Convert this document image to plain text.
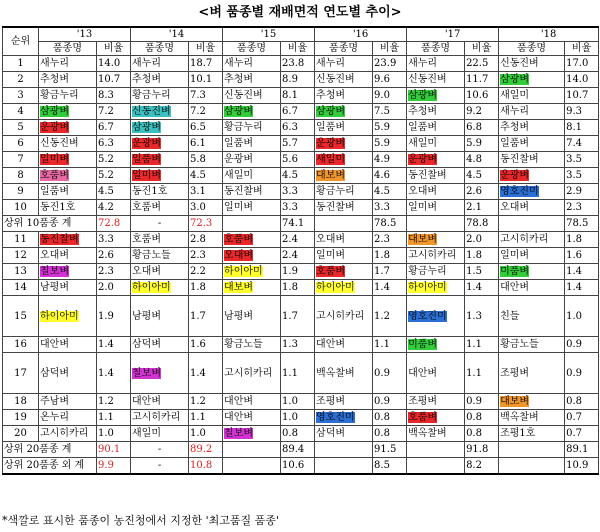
<벼 품종별 재배면적 연도별 추이>
순위	'13		'14		'15		'16		'17		'18	
	품종명	비율	품종명	비율	품종명	비율	품종명	비율	품종명	비율	품종명	비율
1	새누리	14.0	새누리	18.7	새누리	23.8	새누리	23.9	새누리	22.5	신동진벼	17.0
2	추청벼	10.7	추청벼	10.1	추청벼	8.9	신동진벼	9.6	신동진벼	11.7	삼광벼	14.0
3	황금누리	8.3	황금누리	7.3	신동진벼	8.1	추청벼	9.0	삼광벼	10.6	새일미	10.7
4	삼광벼	7.2	신동진벼	7.2	삼광벼	6.7	삼광벼	7.5	추청벼	9.2	새누리	9.3
5	운광벼	6.7	삼광벼	6.5	황금누리	6.3	일품벼	5.9	일품벼	6.8	추청벼	8.1
6	신동진벼	6.3	운광벼	6.1	일품벼	5.7	운광벼	5.9	새일미	5.9	일품벼	7.4
7	일미벼	5.2	일품벼	5.8	운광벼	5.6	새일미	4.9	운광벼	4.8	동진찰벼	3.5
8	호품벼	5.2	일미벼	4.5	새일미	4.5	대보벼	4.6	동진찰벼	4.5	운광벼	3.5
9	일품벼	4.5	동진1호	3.1	동진찰벼	3.3	황금누리	4.5	오대벼	2.6	영호진미	2.9
10	동진1호	4.2	호품벼	3.0	일미벼	3.3	동진찰벼	3.3	일미벼	2.1	오대벼	2.3
상위 10품종 계		72.8	-	72.3		74.1		78.5		78.8		78.5
11	동진찰벼	3.3	호품벼	2.8	호품벼	2.4	오대벼	2.3	대보벼	2.0	고시히카리	1.8
12	오대벼	2.6	황금노들	2.3	오대벼	2.4	일미벼	1.8	고시히카리	1.8	일미벼	1.6
13	칠보벼	2.3	오대벼	2.2	하이아미	1.9	호품벼	1.7	황금누리	1.5	미품벼	1.4
14	남평벼	2.0	하이아미	1.8	대보벼	1.8	하이아미	1.4	하이아미	1.4	대안벼	1.4
15	하이아미	1.9	남평벼	1.7	남평벼	1.7	고시히카리	1.2	영호진미	1.3	친들	1.0
16	대안벼	1.4	삼덕벼	1.6	황금노들	1.3	대안벼	1.1	미품벼	1.1	황금노들	0.9
17	삼덕벼	1.4	칠보벼	1.4	고시히카리	1.1	백옥찰벼	0.9	대안벼	1.1	조평벼	0.9
18	주남벼	1.2	대안벼	1.2	대안벼	1.0	조평벼	0.9	조평벼	0.9	대보벼	0.8
19	온누리	1.1	고시히카리	1.1	대안벼	1.0	영호진미	0.8	호품벼	0.8	백옥찰벼	0.7
20	고시히카리	1.0	새일미	1.0	칠보벼	0.8	삼덕벼	0.8	백옥찰벼	0.8	조평1호	0.7
상위 20품종 계		90.1	-	89.2		89.4		91.5		91.8		89.1
상위 20품종 외 계		9.9	-	10.8		10.6		8.5		8.2		10.9
*색깔로 표시한 품종이 농진청에서 지정한 '최고품질 품종'
